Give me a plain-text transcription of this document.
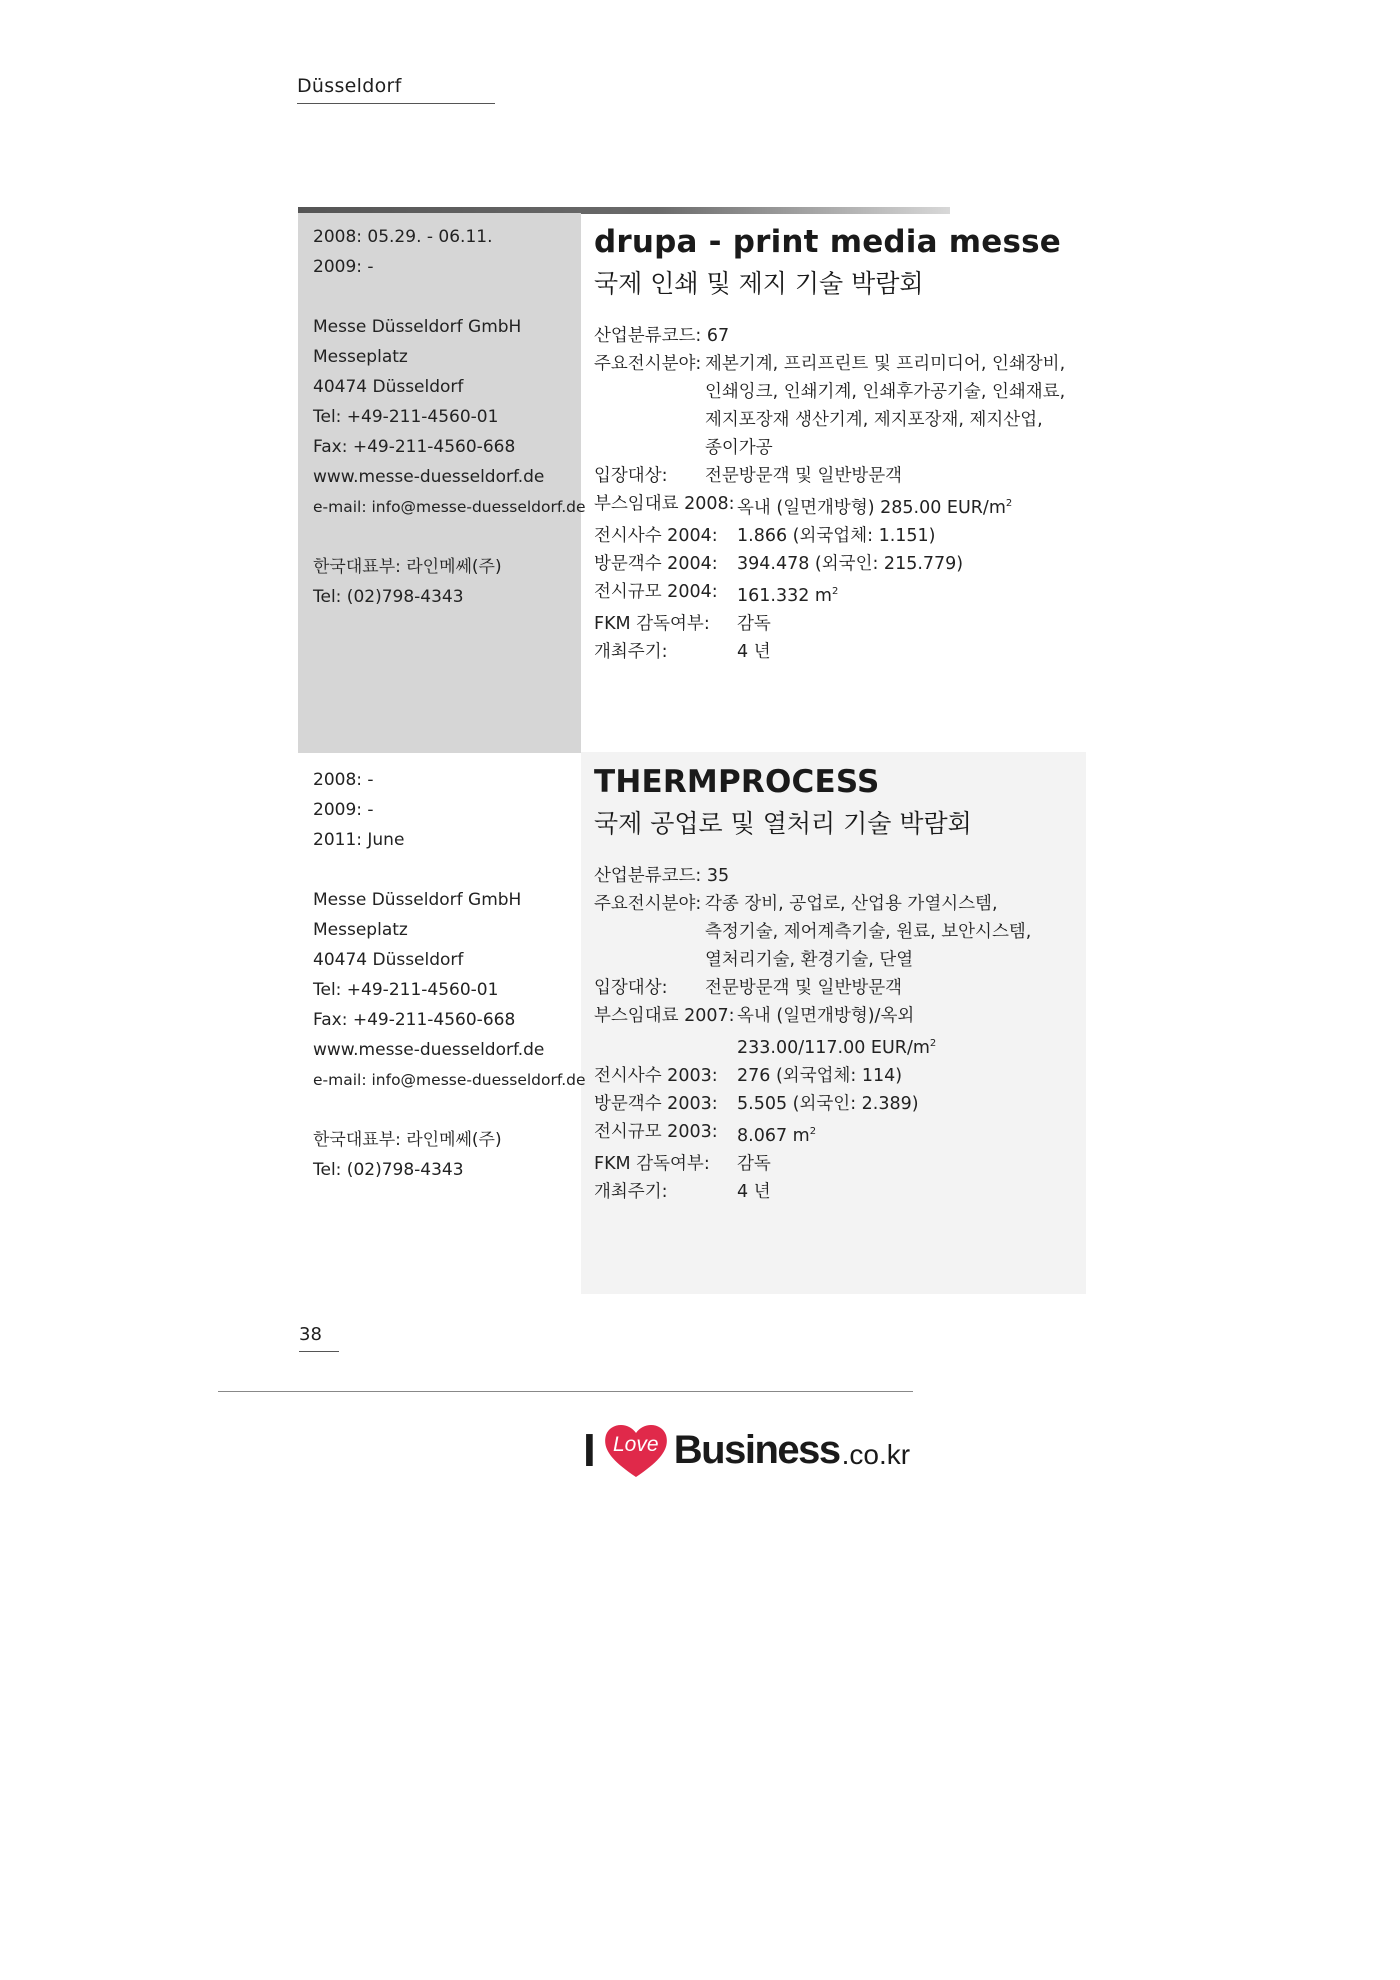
Düsseldorf
2008: 05.29. - 06.11.
2009: -
Messe Düsseldorf GmbH
Messeplatz
40474 Düsseldorf
Tel: +49-211-4560-01
Fax: +49-211-4560-668
www.messe-duesseldorf.de
e-mail: info@messe-duesseldorf.de
한국대표부: 라인메쎄(주)
Tel: (02)798-4343
drupa - print media messe
국제 인쇄 및 제지 기술 박람회
산업분류코드:
67
주요전시분야: 제본기계, 프리프린트 및 프리미디어, 인쇄장비,
인쇄잉크, 인쇄기계, 인쇄후가공기술, 인쇄재료,
제지포장재 생산기계, 제지포장재, 제지산업,
종이가공
입장대상:	전문방문객 및 일반방문객
부스임대료 2008: 옥내 (일면개방형) 285.00 EUR/$m^2$
전시사수 2004:	1.866 (외국업체: 1.151)
방문객수 2004:	394.478 (외국인: 215.779)
전시규모 2004:	161.332 $m^2$
FKM 감독여부:	감독
개최주기:	4 년
2008: -
2009: -
2011: June
Messe Düsseldorf GmbH
Messeplatz
40474 Düsseldorf
Tel: +49-211-4560-01
Fax: +49-211-4560-668
www.messe-duesseldorf.de
e-mail: info@messe-duesseldorf.de
한국대표부: 라인메쎄(주)
Tel: (02)798-4343
THERMPROCESS
국제 공업로 및 열처리 기술 박람회
산업분류코드:
35
주요전시분야: 각종 장비, 공업로, 산업용 가열시스템,
측정기술, 제어계측기술, 원료, 보안시스템,
열처리기술, 환경기술, 단열
입장대상:	전문방문객 및 일반방문객
부스임대료 2007: 옥내 (일면개방형)/옥외
233.00/117.00 EUR/$m^2$
전시사수 2003:	276 (외국업체: 114)
방문객수 2003:	5.505 (외국인: 2.389)
전시규모 2003:	8.067 $m^2$
FKM 감독여부:	감독
개최주기:	4 년
38
I Love Business .co.kr
